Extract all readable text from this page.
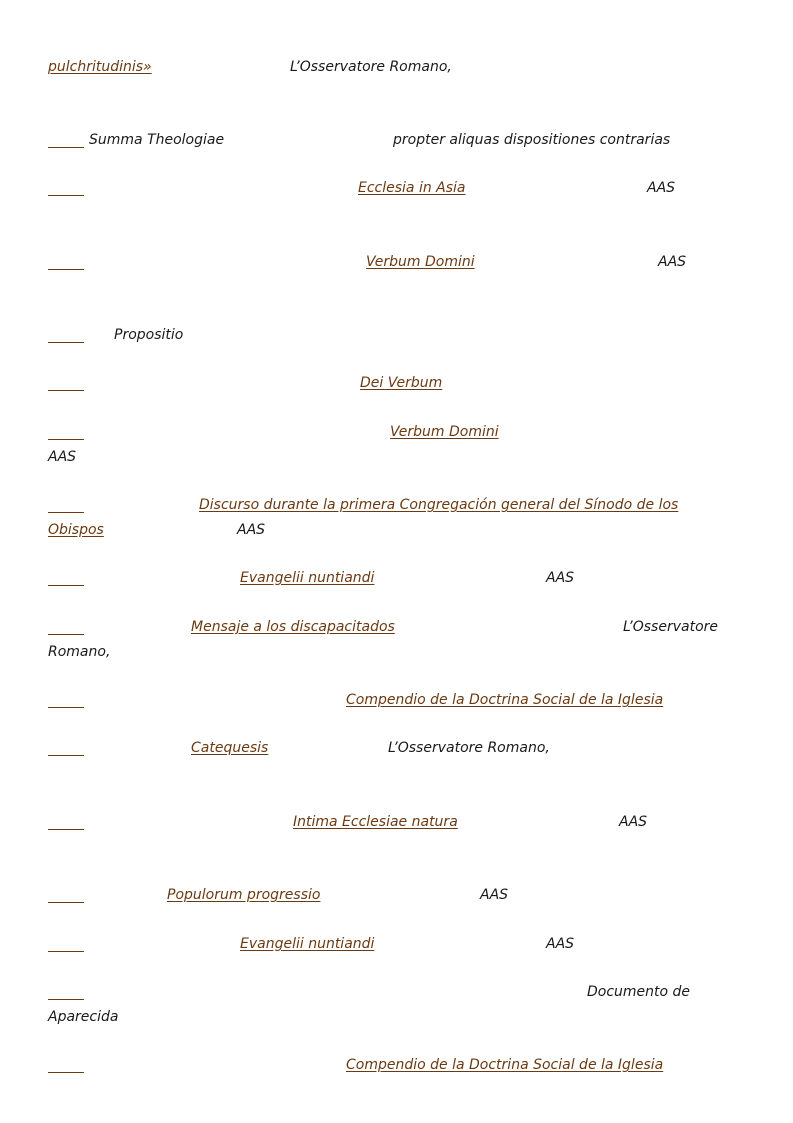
pulchritudinis»	L’Osservatore Romano,
Summa Theologiae	propter aliquas dispositiones contrarias
Ecclesia in Asia	AAS
Verbum Domini	AAS
Propositio
Dei Verbum
Verbum Domini
AAS
Discurso durante la primera Congregación general del Sínodo de los
Obispos	AAS
Evangelii nuntiandi	AAS
Mensaje a los discapacitados	L’Osservatore
Romano,
Compendio de la Doctrina Social de la Iglesia
Catequesis	L’Osservatore Romano,
Intima Ecclesiae natura	AAS
Populorum progressio	AAS
Evangelii nuntiandi	AAS
Documento de
Aparecida
Compendio de la Doctrina Social de la Iglesia
